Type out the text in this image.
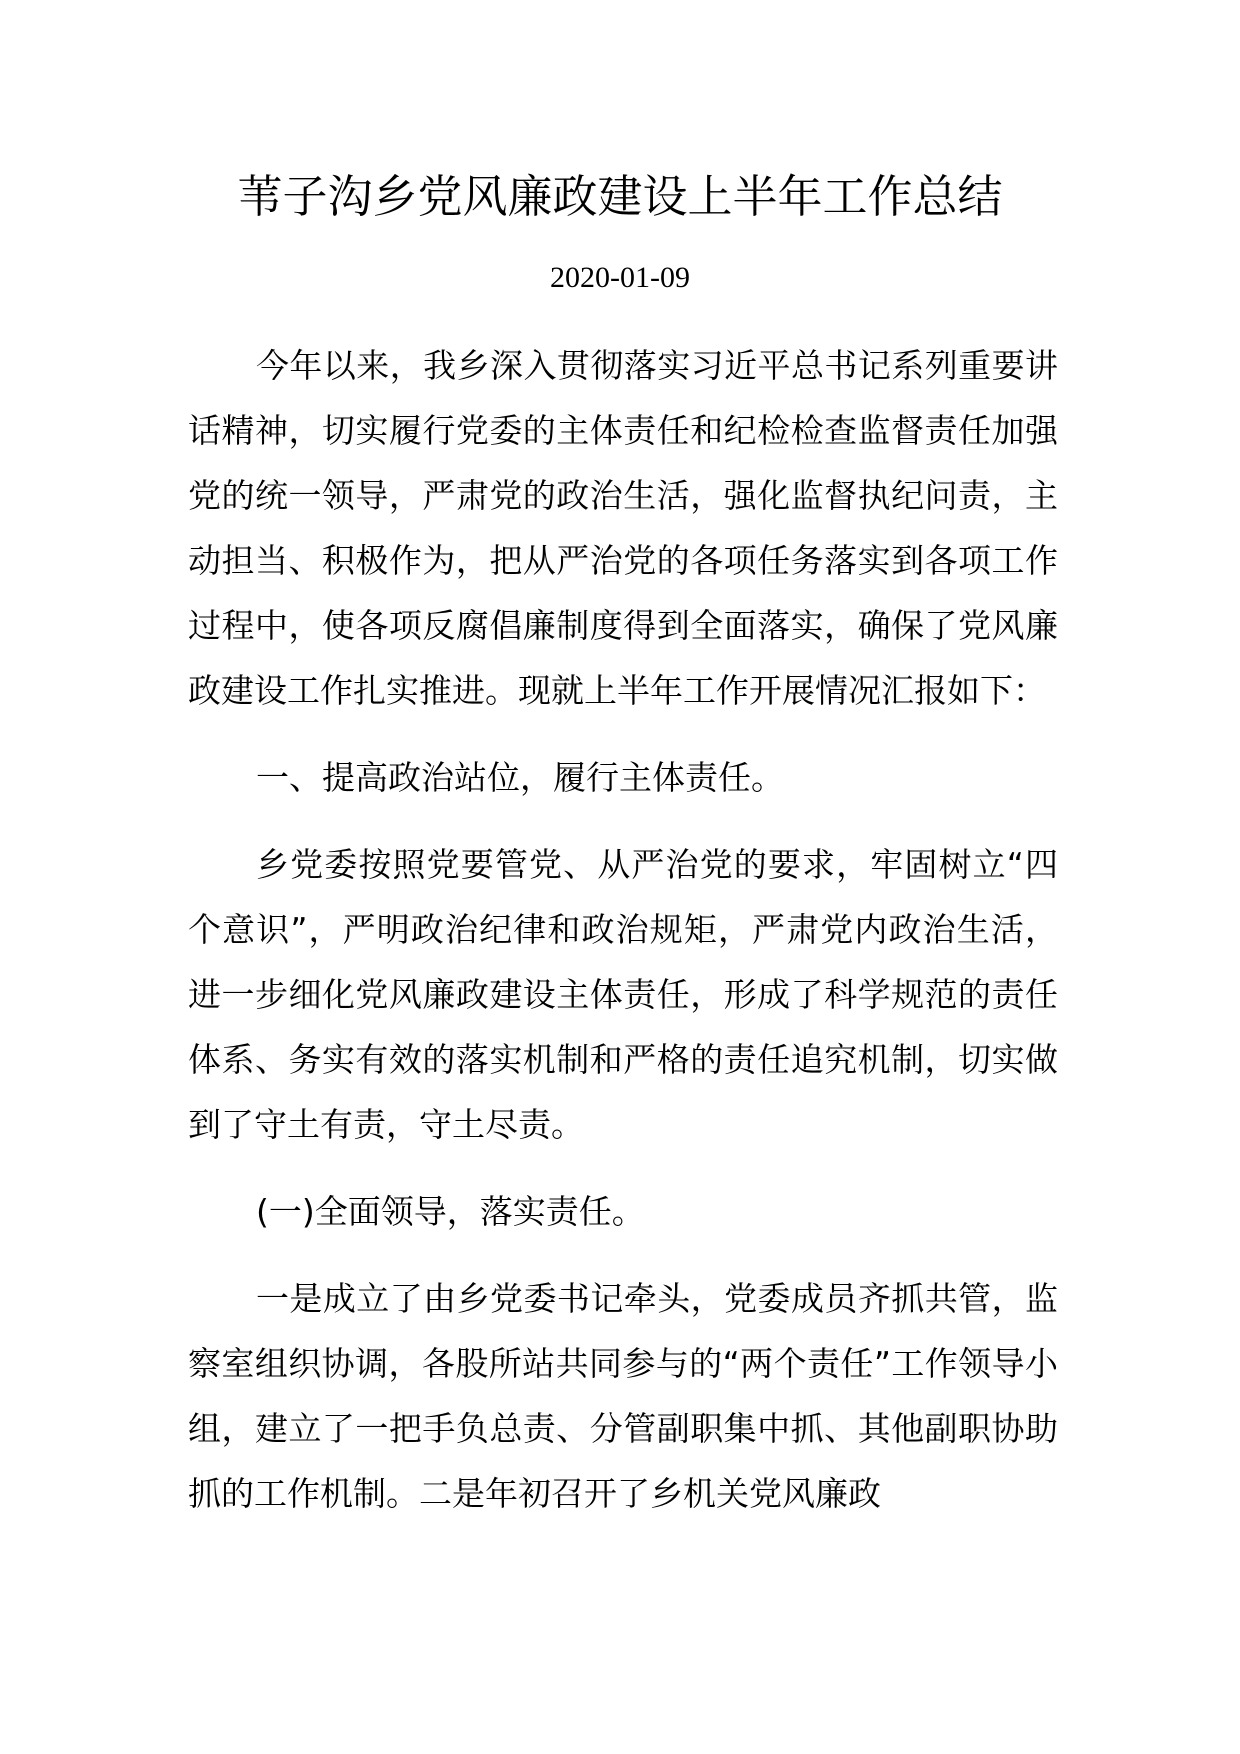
苇子沟乡党风廉政建设上半年工作总结
2020-01-09

今年以来，我乡深入贯彻落实习近平总书记系列重要讲话精神，切实履行党委的主体责任和纪检检查监督责任加强党的统一领导，严肃党的政治生活，强化监督执纪问责，主动担当、积极作为，把从严治党的各项任务落实到各项工作过程中，使各项反腐倡廉制度得到全面落实，确保了党风廉政建设工作扎实推进。现就上半年工作开展情况汇报如下：

一、提高政治站位，履行主体责任。

乡党委按照党要管党、从严治党的要求，牢固树立“四个意识”，严明政治纪律和政治规矩，严肃党内政治生活，进一步细化党风廉政建设主体责任，形成了科学规范的责任体系、务实有效的落实机制和严格的责任追究机制，切实做到了守土有责，守土尽责。

(一)全面领导，落实责任。

一是成立了由乡党委书记牵头，党委成员齐抓共管，监察室组织协调，各股所站共同参与的“两个责任”工作领导小组，建立了一把手负总责、分管副职集中抓、其他副职协助抓的工作机制。二是年初召开了乡机关党风廉政
